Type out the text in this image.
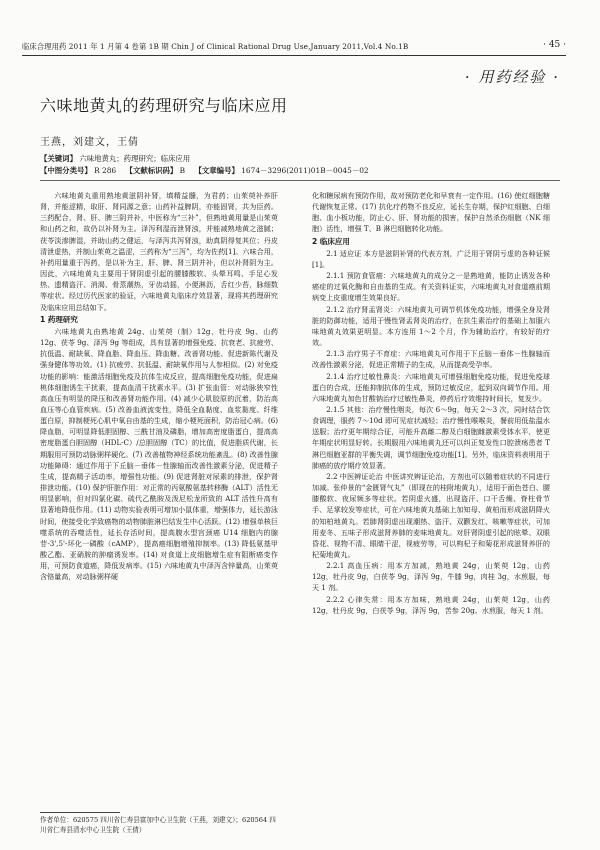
临床合理用药 2011 年 1 月第 4 卷第 1B 期 Chin J of Clinical Rational Drug Use,January 2011,Vol.4 No.1B	· 45 ·
· 用药经验 ·
六味地黄丸的药理研究与临床应用
王燕，刘建文，王倩
【关键词】 六味地黄丸；药理研究；临床应用
【中图分类号】 R 286 【文献标识码】 B 【文章编号】 1674－3296(2011)01B－0045－02

六味地黄丸重用熟地黄滋阴补肾，填精益髓，为君药；山茱萸补养肝肾，并能涩精，取肝、肾同源之意；山药补益脾阴，亦能固肾，共为臣药。三药配合，肾、肝、脾三阴并补，中医称为“三补”，但熟地黄用量是山茱萸和山药之和，故仍以补肾为主。泽泻利湿而泄肾浊，并能减熟地黄之滋腻；茯苓淡渗脾湿，并助山药之健运，与泽泻共泻肾浊，助真阴得复其位；丹皮清泄虚热，并制山茱萸之温涩，三药称为“三泻”，均为佐药[1]。六味合用，补药用量重于泻药，是以补为主，肝、脾、肾三阴并补，但以补肾阴为主。因此，六味地黄丸主要用于肾阴虚引起的腰膝酸软、头晕耳鸣、手足心发热、遗精盗汗、消渴、骨蒸潮热，牙齿动摇，小便淋沥，舌红少苔，脉细数等症状。经过历代医家的验证，六味地黄丸临床疗效显著，现将其药理研究及临床应用总结如下。

1 药理研究

六味地黄丸由熟地黄 24g、山茱萸（制）12g、牡丹皮 9g、山药 12g、茯苓 9g、泽泻 9g 等组成，具有显著的增强免疫、抗衰老、抗疲劳、抗低温、耐缺氧、降血脂、降血压、降血糖、改善肾功能、促进新陈代谢及强身健体等功效。(1) 抗疲劳、抗低温、耐缺氧作用与人参相似。(2) 对免疫功能的影响：能激活细胞免疫及抗体生成反应，提高细胞免疫功能，促进扁桃体细胞诱生干扰素，提高血清干扰素水平。(3) 扩张血管：对动脉狭窄性高血压有明显的降压和改善肾功能作用。(4) 减少心肌胶原的沉着，防治高血压等心血管疾病。(5) 改善血液流变性，降低全血黏度、血浆黏度、纤维蛋白原，抑制梗死心肌中氧自由基的生成，缩小梗死面积，防治冠心病。(6) 降血脂，可明显降低胆固醇、三酰甘油及磷脂，增加高密度脂蛋白，提高高密度脂蛋白胆固醇（HDL-C）/总胆固醇（TC）的比值，促进脂质代谢，长期服用可预防动脉粥样硬化。(7) 改善植物神经系统功能紊乱。(8) 改善性腺功能障碍：通过作用于下丘脑－垂体－性腺轴而改善性激素分泌，促进精子生成，提高精子活动率，增强性功能。(9) 促进肾脏对尿素的排泄，保护肾排泄功能。(10) 保护肝脏作用：对正常的丙氨酸氨基转移酶（ALT）活性无明显影响，但对四氯化碳、硫代乙酰胺及泼尼松龙所致的 ALT 活性升高有显著地降低作用。(11) 动物实验表明可增加小鼠体重，增强体力，延长游泳时间，使接受化学致癌物的动物肺脏淋巴结发生中心活跃。(12) 增强单核巨噬系统的吞噬活性，延长存活时间，提高腹水型宫颈癌 U14 细胞内的腺苷-3',5'-环化一磷酸（cAMP），提高癌细胞增殖抑制率。(13) 降低氨基甲酸乙酯、亚硝胺的肿瘤诱发率。(14) 对食道上皮细胞增生症有阻断癌变作用，可预防食道癌，降低发病率。(15) 六味地黄丸中泽泻含锌量高，山茱萸含铬量高，对动脉粥样硬

化和糖尿病有预防作用，故对预防老化和早衰有一定作用。(16) 使红细胞糖代谢恢复正常。(17) 抗化疗药物不良反应，延长生存期，保护红细胞、白细胞、血小板功能，防止心、肝、肾功能的损害，保护自然杀伤细胞（NK 细胞）活性，增强 T、B 淋巴细胞转化功能。

2 临床应用

2.1 适应证 本方是滋阴补肾的代表方剂，广泛用于肾阴亏虚的各种证候[1]。

2.1.1 预防食管癌：六味地黄丸的成分之一是熟地黄，能防止诱发各种癌症的过氧化酶和自由基的生成。有关资料证实，六味地黄丸对食道癌前期病变上皮重度增生效果良好。

2.1.2 治疗肾盂肾炎：六味地黄丸可调节机体免疫功能，增强全身及肾脏的防御功能，适用于慢性肾盂肾炎的治疗，在抗生素治疗的基础上加服六味地黄丸效果更明显。本方连用 1～2 个月，作为辅助治疗，有较好的疗效。

2.1.3 治疗男子不育症：六味地黄丸可作用于下丘脑－垂体－性腺轴而改善性激素分泌，促进正常精子的生成，从而提高受孕率。

2.1.4 治疗过敏性鼻炎：六味地黄丸可增强细胞免疫功能，促进免疫球蛋白的合成，还能抑制抗体的生成，预防过敏反应，起到双向调节作用。用六味地黄丸加色甘酸钠治疗过敏性鼻炎，停药后疗效维持时间长，复发少。

2.1.5 其他：治疗慢性咽炎，每次 6～9g，每天 2～3 次，同时结合饮食调理，服药 7～10d 即可见症状减轻；治疗慢性喉喉炎，餐前用低盐温水送服；治疗更年期综合征，可能升高雌二醇及白细胞雌激素受体水平，使更年期症状明显好转。长期服用六味地黄丸还可以纠正复发性口腔溃疡患者 T 淋巴细胞亚群的平衡失调，调节细胞免疫功能[1]。另外，临床资料表明用于肺癌的放疗期疗效显著。

2.2 中医辨证论治 中医讲究辨证论治，方剂也可以随着症状的不同进行加减。张仲景的“金匮肾气丸”（即现在的桂附地黄丸），适用于面色苍白、腰膝酸软、夜尿频多等症状。若阴虚火盛，出现盗汗、口干舌燥、脊柱骨节手、足掌较发等症状，可在六味地黄丸基础上加知母、黄柏而形成滋阴降火的知柏地黄丸。若肺肾阴虚出现潮热、盗汗、双颧发红、咳嗽等症状，可加用麦冬、五味子形成滋肾养肺的麦味地黄丸。对肝肾阴虚引起的眩晕、双眼昏花、视物不清、眼睛干涩，视疲劳等，可以枸杞子和菊花形成滋肾养肝的杞菊地黄丸。

2.2.1 高血压病：用本方加减，熟地黄 24g，山茱萸 12g，山药 12g，牡丹皮 9g，白茯苓 9g，泽泻 9g，牛膝 9g，肉桂 3g，水煎服，每天 1 剂。

2.2.2 心律失常：用本方加味，熟地黄 24g，山茱萸 12g，山药 12g，牡丹皮 9g，白茯苓 9g，泽泻 9g，苦参 20g。水煎服，每天 1 剂。

作者单位：620575 四川省仁寿县富加中心卫生院（王燕，刘建文）；620564 四川省仁寿县清水中心卫生院（王倩）
